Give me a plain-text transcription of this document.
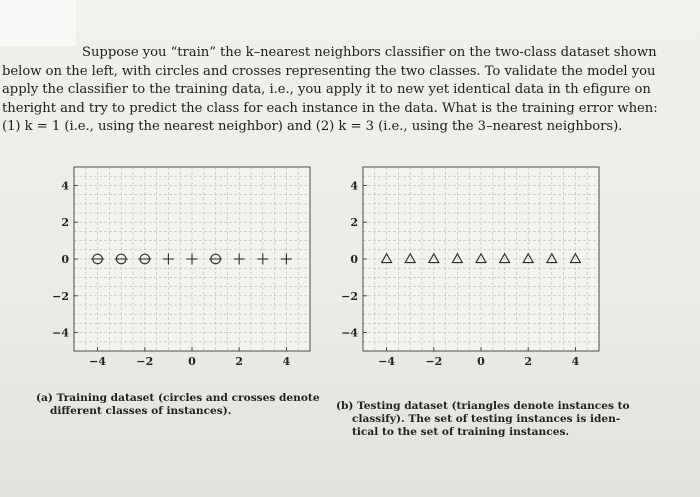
Suppose you “train” the k–nearest neighbors classifier on the two-class dataset shown
below on the left, with circles and crosses representing the two classes. To validate the model you
apply the classifier to the training data, i.e., you apply it to new yet identical data in th efigure on
theright and try to predict the class for each instance in the data. What is the training error when:
(1) k = 1 (i.e., using the nearest neighbor) and (2) k = 3 (i.e., using the 3–nearest neighbors).
−4
−4
−2
−2
0
0
2
2
4
4
−4
−4
−2
−2
0
0
2
2
4
4
(a) Training dataset (circles and crosses denote
different classes of instances).	(b) Testing dataset (triangles denote instances to
classify). The set of testing instances is iden-
tical to the set of training instances.
